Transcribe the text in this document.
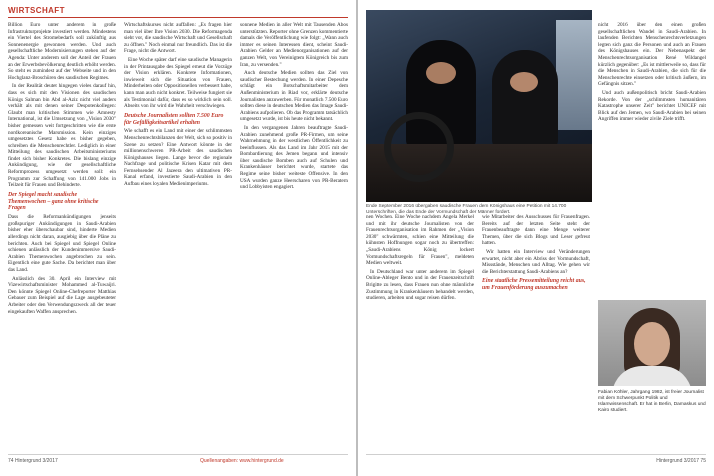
WIRTSCHAFT

Billion Euro unter anderem in große Infrastrukturprojekte investiert werden. Mindestens ein Viertel des Stromebedarfs soll zukünftig aus Sonnenenergie gewonnen werden. Und auch gesellschaftliche Modernisierungen stehen auf der Agenda: Unter anderem soll der Anteil der Frauen an der Erwerbsbevölkerung deutlich erhöht werden. So steht es zumindest auf der Webseite und in den Hochglanz-Broschüren des saudischen Regimes.

In der Realität deutet hingegen vieles darauf hin, dass es sich mit den Visionen des saudischen Königs Salman bin Abd al-Aziz nicht viel anders verhält als mit denen seiner Despotenkollegen: Glaubt man kritischen Stimmen wie Amnesty International, ist die Umsetzung von „Vision 2030" bisher gemessen weit fortgeschritten wie die erste nordkoreanische Marsmission. Kein einziges umgesetztes Gesetz habe es bisher gegeben, schreiben die Menschenrechtler. Lediglich in einer Mitteilung des saudischen Arbeitsministeriums findet sich bisher Konkretes. Die bislang einzige Ankündigung, wie der gesellschaftliche Reformprozess umgesetzt werden soll: ein Programm zur Schaffung von 141.000 Jobs in Teilzeit für Frauen und Behinderte.

Der Spiegel macht saudische Themenwochen – ganz ohne kritische Fragen

Dass die Reformankündigungen jenseits großspuriger Ankündigungen in Saudi-Arabien bisher eher überschaubar sind, hinderte Medien allerdings nicht daran, ausgiebig über die Pläne zu berichten. Auch bei Spiegel und Spiegel Online schienen anlässlich der Kundenimmersive Saudi-Arabien Themenwochen angebrochen zu sein. Eigentlich eine gute Sache. Da berichtet man über das Land.

Anlässlich des 30. April ein Interview mit Vizewirtschaftsminister Mohammed al-Tuwaijri. Den könnte Spiegel Online-Chefreporter Matthias Gebauer zum Beispiel auf die Lage ausgebeuteter Arbeiter oder den Verwendungszweck all der teuer eingekauften Waffen ansprechen.

Wirtschaftskurses nicht auffallen: „Es fragen hier man viel über Ihre Vision 2030. Die Reformagenda sieht vor, die saudische Wirtschaft und Gesellschaft zu öffnen." Noch einmal nur freundlich. Das ist die Frage, nicht die Antwort.

Eine Woche später darf eine saudische Managerin in der Printausgabe des Spiegel erneut die Vorzüge der Vision erklären. Konkrete Informationen, inwieweit sich die Situation von Frauen, Minderheiten oder Oppositionellen verbessert habe, kann man auch nicht konkret. Teilweise fungiert sie als Testimonial dafür, dass es so wirklich sein soll. Abseits von ihr wird die Wahrheit verschwiegen.

Deutsche Journalisten sollten 7.500 Euro für Gefälligkeitsartikel erhalten

Wie schafft es ein Land mit einer der schlimmsten Menschenrechtsbilanzen der Welt, sich so positiv in Szene zu setzen? Eine Antwort könnte in der millionenschweren PR-Arbeit des saudischen Königshauses liegen. Lange bevor die regionale Nachfrage und politische Krisen Katar mit dem Fernsehsender Al Jazeera den ultimativen PR-Kanal erfand, investierte Saudi-Arabien in den Aufbau eines loyalen Medienimperiums.

sonnene Medien in aller Welt mit Tausenden Abos unterstützten. Reporter ohne Grenzen kommentierte damals die Veröffentlichung wie folgt: „Wann auch immer es seinen Interessen dient, scheint Saudi-Arabien Gelder an Medienorganisationen auf der ganzen Welt, von Vereinigtem Königreich bis zum Iran, zu versenden."

Auch deutsche Medien sollten das Ziel von saudischer Bestechung werden. In einer Depesche schlägt ein Botschaftsmitarbeiter dem Außenministerium in Riad vor, erklärte deutsche Journalisten anzuwerben. Für monatlich 7.500 Euro sollten diese in deutschen Medien das Image Saudi-Arabiens aufpolieren. Ob das Programm tatsächlich umgesetzt wurde, ist bis heute nicht bekannt.

In den vergangenen Jahren beauftragte Saudi-Arabien zunehmend große PR-Firmen, um seine Wahrnehmung in der westlichen Öffentlichkeit zu beeinflussen. Als das Land im Jahr 2015 mit der Bombardierung des Jemen begann und intensiv über saudische Bomben auch auf Schulen und Krankenhäuser berichtet wurde, startete das Regime seine bisher weiteste Offensive. In den USA wurden ganze Heerscharen von PR-Beratern und Lobbyisten engagiert.

74 Hintergrund 3/2017	Quellenangaben: www.hintergrund.de
Ende September 2016 übergaben saudische Frauen dem Königshaus eine Petition mit 14.700 Unterschriften, die das Ende der Vormundschaft der Männer fordert.

nen Wochen. Eine Woche nachdem Angela Merkel und mit ihr deutsche Journalisten von der Frauenrechtsorganisation im Rahmen der „Vision 2030" schwärmten, schien eine Mitteilung die kühnsten Hoffnungen sogar noch zu übertreffen: „Saudi-Arabiens König lockert Vormundschaftsregeln für Frauen", meldeten Medien weltweit.

In Deutschland war unter anderem im Spiegel Online-Ableger Bento und in der Frauenzeitschrift Brigitte zu lesen, dass Frauen nun ohne männliche Zustimmung in Krankenhäusern behandelt werden, studieren, arbeiten und sogar reisen dürfen.

wie Mitarbeiter des Ausschusses für Frauenfragen. Bereits auf der letzten Seite steht der Frauenbeauftragte dann eine Menge weiterer Themen, über die sich Blogs und Leser gefreut hatten.

Wir hatten ein Interview und Veränderungen erwartet, nicht aber ein Abriss der Vormundschaft, Missstände, Menschen und Alltag. Wie gehen wir die Berichterstattung Saudi-Arabiens an?

Eine staatliche Pressemitteilung reicht aus, um Frauenförderung auszumachen

nicht 2016 über den einen großen gesellschaftlichen Wandel in Saudi-Arabien. In laufenden Berichten Menschenrechtsverletzungen legten sich ganz die Personen und auch an Frauen des Königshauses ein. Der Nebenaspekt der Menschenrechtsorganisation René Wildangel kürzlich gegenüber: „Es ist mittlerweile so, dass für die Menschen in Saudi-Arabien, die sich für die Menschenrechte einsetzen oder kritisch äußern, im Gefängnis sitzen."

Und auch außenpolitisch bricht Saudi-Arabien Rekorde. Von der „schlimmsten humanitären Katastrophe unserer Zeit" berichtet UNICEF mit Blick auf den Jemen, wo Saudi-Arabien bei seinen Angriffen immer wieder zivile Ziele trifft.

Fabian Köhler, Jahrgang 1982, ist freier Journalist mit dem Schwerpunkt Politik und Islamwissenschaft. Er hat in Berlin, Damaskus und Kairo studiert.
Hintergrund 3/2017 75
